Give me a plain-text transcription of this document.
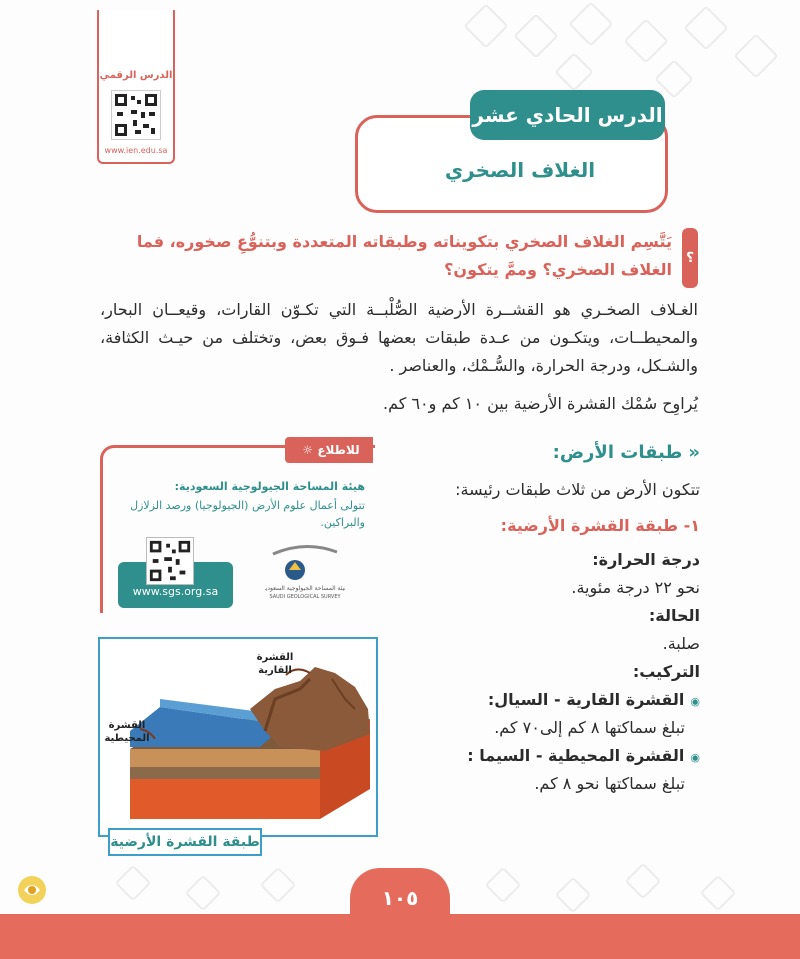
الدرس الرقمي
www.ien.edu.sa
الدرس الحادي عشر
الغلاف الصخري
؟
يَتَّسِم الغلاف الصخري بتكويناته وطبقاته المتعددة وبتنوُّعِ صخوره، فما الغلاف الصخري؟ وممَّ يتكون؟
الغـلاف الصخـري هو القشــرة الأرضية الصُّلْبــة التي تكـوّن القارات، وقيعــان البحار، والمحيطــات، ويتكـون من عـدة طبقات بعضها فـوق بعض، وتختلف من حيـث الكثافة، والشـكل، ودرجة الحرارة، والسُّـمْك، والعناصر .
يُراوِح سُمْك القشرة الأرضية بين ١٠ كم و٦٠ كم.
«طبقات الأرض:
تتكون الأرض من ثلاث طبقات رئيسة:
١- طبقة القشرة الأرضية:
درجة الحرارة:
نحو ٢٢ درجة مئوية.
الحالة:
صلبة.
التركيب:
◉ القشرة القارية - السيال:
تبلغ سماكتها ٨ كم إلى٧٠ كم.
◉ القشرة المحيطية - السيما :
تبلغ سماكتها نحو ٨ كم.
☼
للاطلاع
هيئة المساحة الجيولوجية السعودية:
تتولى أعمال علوم الأرض (الجيولوجيا) ورصد الزلازل والبراكين.
www.sgs.org.sa	هيئة المساحة الجيولوجية السعودية
SAUDI GEOLOGICAL SURVEY
القشرة القارية
القشرة المحيطية
طبقة القشرة الأرضية
١٠٥
